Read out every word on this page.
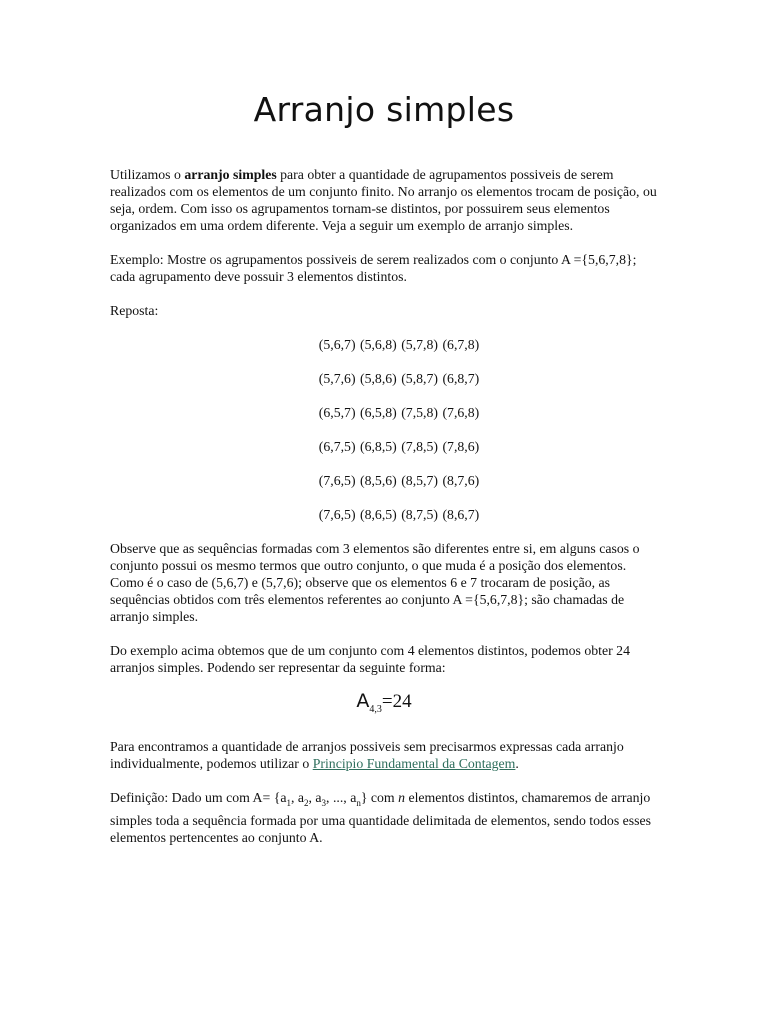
Arranjo simples

Utilizamos o arranjo simples para obter a quantidade de agrupamentos possiveis de serem realizados com os elementos de um conjunto finito. No arranjo os elementos trocam de posição, ou seja, ordem. Com isso os agrupamentos tornam-se distintos, por possuirem seus elementos organizados em uma ordem diferente. Veja a seguir um exemplo de arranjo simples.

Exemplo: Mostre os agrupamentos possiveis de serem realizados com o conjunto A ={5,6,7,8}; cada agrupamento deve possuir 3 elementos distintos.

Reposta:

(5,6,7) (5,6,8) (5,7,8) (6,7,8)

(5,7,6) (5,8,6) (5,8,7) (6,8,7)

(6,5,7) (6,5,8) (7,5,8) (7,6,8)

(6,7,5) (6,8,5) (7,8,5) (7,8,6)

(7,6,5) (8,5,6) (8,5,7) (8,7,6)

(7,6,5) (8,6,5) (8,7,5) (8,6,7)

Observe que as sequências formadas com 3 elementos são diferentes entre si, em alguns casos o conjunto possui os mesmo termos que outro conjunto, o que muda é a posição dos elementos. Como é o caso de (5,6,7) e (5,7,6); observe que os elementos 6 e 7 trocaram de posição, as sequências obtidos com três elementos referentes ao conjunto A ={5,6,7,8}; são chamadas de arranjo simples.

Do exemplo acima obtemos que de um conjunto com 4 elementos distintos, podemos obter 24 arranjos simples. Podendo ser representar da seguinte forma:

$A_{4,3}=24$

Para encontramos a quantidade de arranjos possiveis sem precisarmos expressas cada arranjo individualmente, podemos utilizar o Principio Fundamental da Contagem.

Definição: Dado um com $A= \{a_1$, $a_2$, $a_3$, ..., $a_n$} com n elementos distintos, chamaremos de arranjo simples toda a sequência formada por uma quantidade delimitada de elementos, sendo todos esses elementos pertencentes ao conjunto A.
